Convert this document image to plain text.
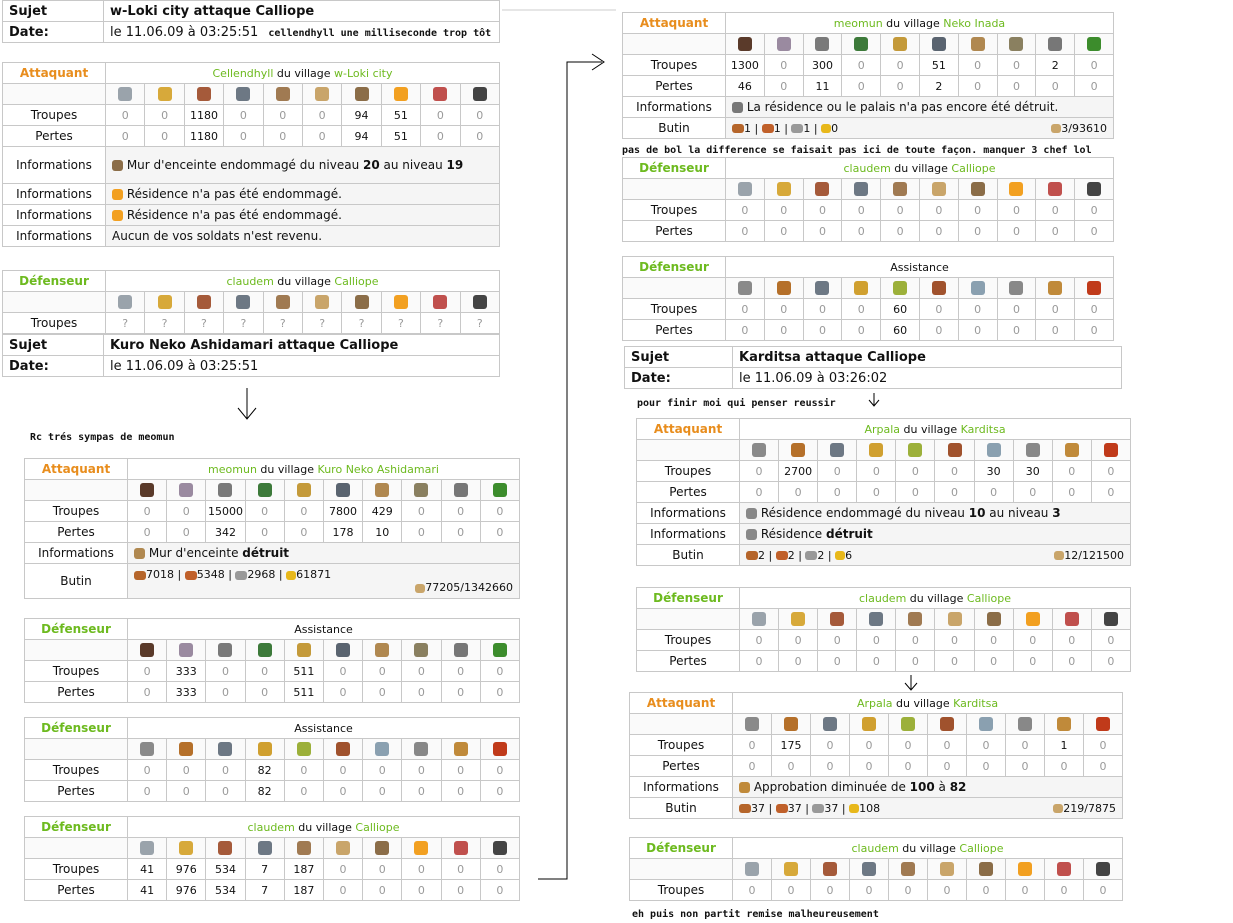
Sujet	w-Loki city attaque Calliope
Date:	le 11.06.09 à 03:25:51 cellendhyll une milliseconde trop tôt
Attaquant	Cellendhyll du village w-Loki city									

Troupes	0	0	1180	0	0	0	94	51	0	0
Pertes	0	0	1180	0	0	0	94	51	0	0
Informations	Mur d'enceinte endommagé du niveau 20 au niveau 19									
Informations	Résidence n'a pas été endommagé.									
Informations	Résidence n'a pas été endommagé.									
Informations	Aucun de vos soldats n'est revenu.									
Défenseur	claudem du village Calliope									

Troupes	?	?	?	?	?	?	?	?	?	?
Sujet	Kuro Neko Ashidamari attaque Calliope
Date:	le 11.06.09 à 03:25:51
Rc trés sympas de meomun
Attaquant	meomun du village Kuro Neko Ashidamari									

Troupes	0	0	15000	0	0	7800	429	0	0	0
Pertes	0	0	342	0	0	178	10	0	0	0
Informations	Mur d'enceinte détruit									
Butin	7018 | 5348 | 2968 | 61871
77205/1342660									
Défenseur	Assistance									

Troupes	0	333	0	0	511	0	0	0	0	0
Pertes	0	333	0	0	511	0	0	0	0	0
Défenseur	Assistance									

Troupes	0	0	0	82	0	0	0	0	0	0
Pertes	0	0	0	82	0	0	0	0	0	0
Défenseur	claudem du village Calliope									

Troupes	41	976	534	7	187	0	0	0	0	0
Pertes	41	976	534	7	187	0	0	0	0	0
Attaquant	meomun du village Neko Inada									

Troupes	1300	0	300	0	0	51	0	0	2	0
Pertes	46	0	11	0	0	2	0	0	0	0
Informations	La résidence ou le palais n'a pas encore été détruit.									
Butin	1 | 1 | 1 | 0 3/93610									
pas de bol la difference se faisait pas ici de toute façon. manquer 3 chef lol
Défenseur	claudem du village Calliope									

Troupes	0	0	0	0	0	0	0	0	0	0
Pertes	0	0	0	0	0	0	0	0	0	0
Défenseur	Assistance									

Troupes	0	0	0	0	60	0	0	0	0	0
Pertes	0	0	0	0	60	0	0	0	0	0
Sujet	Karditsa attaque Calliope
Date:	le 11.06.09 à 03:26:02
pour finir moi qui penser reussir
Attaquant	Arpala du village Karditsa									

Troupes	0	2700	0	0	0	0	30	30	0	0
Pertes	0	0	0	0	0	0	0	0	0	0
Informations	Résidence endommagé du niveau 10 au niveau 3									
Informations	Résidence détruit									
Butin	2 | 2 | 2 | 6 12/121500									
Défenseur	claudem du village Calliope									

Troupes	0	0	0	0	0	0	0	0	0	0
Pertes	0	0	0	0	0	0	0	0	0	0
Attaquant	Arpala du village Karditsa									

Troupes	0	175	0	0	0	0	0	0	1	0
Pertes	0	0	0	0	0	0	0	0	0	0
Informations	Approbation diminuée de 100 à 82									
Butin	37 | 37 | 37 | 108 219/7875									
Défenseur	claudem du village Calliope									

Troupes	0	0	0	0	0	0	0	0	0	0
eh puis non partit remise malheureusement
